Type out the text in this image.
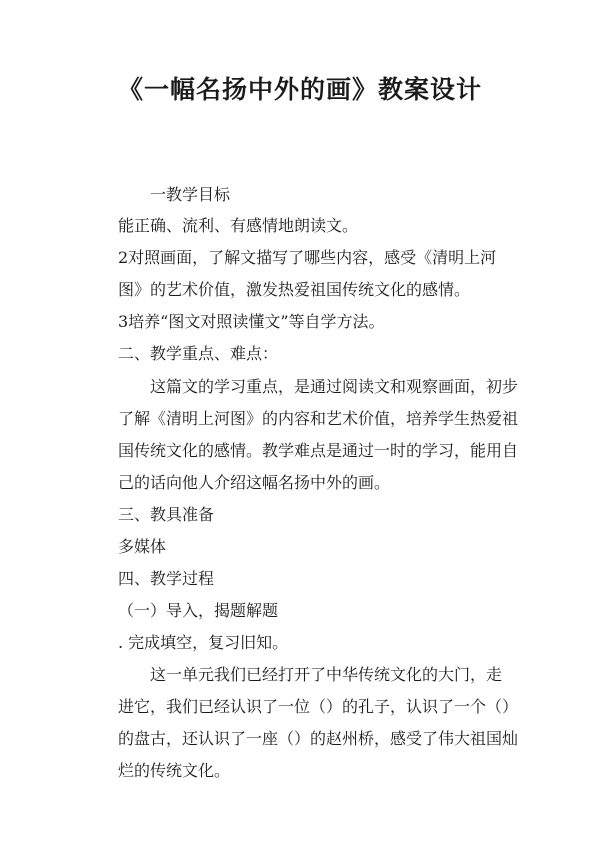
《一幅名扬中外的画》教案设计
一教学目标
能正确、流利、有感情地朗读文。
2对照画面，了解文描写了哪些内容，感受《清明上河
图》的艺术价值，激发热爱祖国传统文化的感情。
3培养“图文对照读懂文”等自学方法。
二、教学重点、难点：
这篇文的学习重点，是通过阅读文和观察画面，初步
了解《清明上河图》的内容和艺术价值，培养学生热爱祖
国传统文化的感情。教学难点是通过一时的学习，能用自
己的话向他人介绍这幅名扬中外的画。
三、教具准备
多媒体
四、教学过程
（一）导入，揭题解题
. 完成填空，复习旧知。
这一单元我们已经打开了中华传统文化的大门，走
进它，我们已经认识了一位（）的孔子，认识了一个（）
的盘古，还认识了一座（）的赵州桥，感受了伟大祖国灿
烂的传统文化。
